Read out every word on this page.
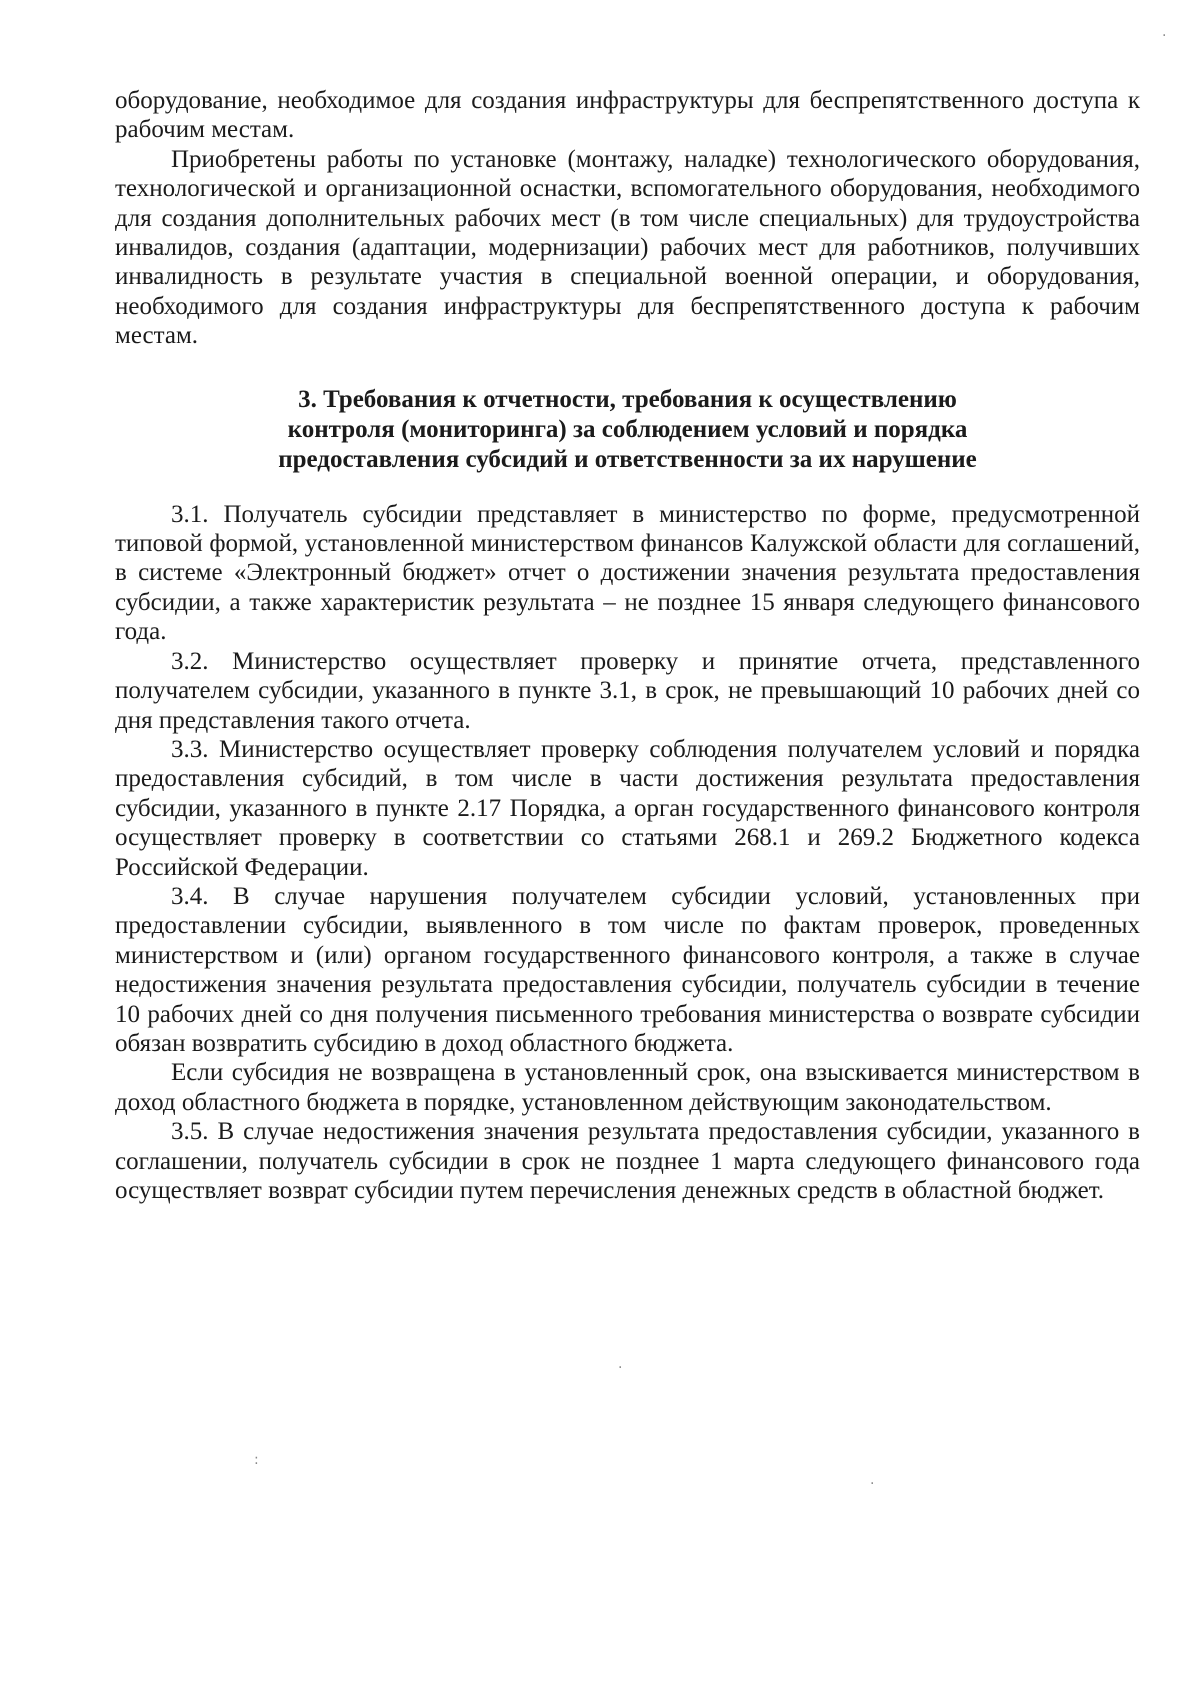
оборудование, необходимое для создания инфраструктуры для беспрепятственного доступа к рабочим местам.

Приобретены работы по установке (монтажу, наладке) технологического оборудования, технологической и организационной оснастки, вспомогательного оборудования, необходимого для создания дополнительных рабочих мест (в том числе специальных) для трудоустройства инвалидов, создания (адаптации, модернизации) рабочих мест для работников, получивших инвалидность в результате участия в специальной военной операции, и оборудования, необходимого для создания инфраструктуры для беспрепятственного доступа к рабочим местам.

3. Требования к отчетности, требования к осуществлению
контроля (мониторинга) за соблюдением условий и порядка
предоставления субсидий и ответственности за их нарушение

3.1. Получатель субсидии представляет в министерство по форме, предусмотренной типовой формой, установленной министерством финансов Калужской области для соглашений, в системе «Электронный бюджет» отчет о достижении значения результата предоставления субсидии, а также характеристик результата – не позднее 15 января следующего финансового года.

3.2. Министерство осуществляет проверку и принятие отчета, представленного получателем субсидии, указанного в пункте 3.1, в срок, не превышающий 10 рабочих дней со дня представления такого отчета.

3.3. Министерство осуществляет проверку соблюдения получателем условий и порядка предоставления субсидий, в том числе в части достижения результата предоставления субсидии, указанного в пункте 2.17 Порядка, а орган государственного финансового контроля осуществляет проверку в соответствии со статьями 268.1 и 269.2 Бюджетного кодекса Российской Федерации.

3.4. В случае нарушения получателем субсидии условий, установленных при предоставлении субсидии, выявленного в том числе по фактам проверок, проведенных министерством и (или) органом государственного финансового контроля, а также в случае недостижения значения результата предоставления субсидии, получатель субсидии в течение 10 рабочих дней со дня получения письменного требования министерства о возврате субсидии обязан возвратить субсидию в доход областного бюджета.

Если субсидия не возвращена в установленный срок, она взыскивается министерством в доход областного бюджета в порядке, установленном действующим законодательством.

3.5. В случае недостижения значения результата предоставления субсидии, указанного в соглашении, получатель субсидии в срок не позднее 1 марта следующего финансового года осуществляет возврат субсидии путем перечисления денежных средств в областной бюджет.

·
·
:
·
